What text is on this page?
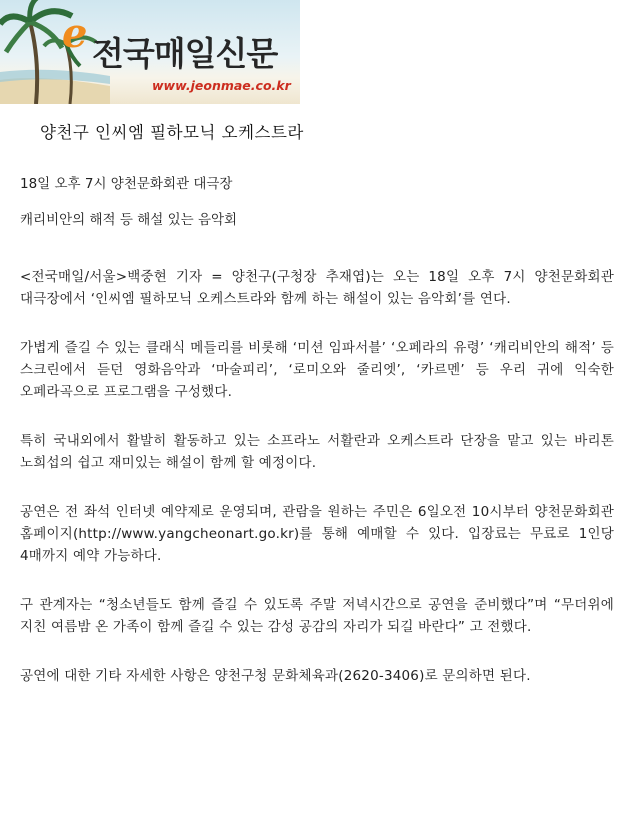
e 전국매일신문
www.jeonmae.co.kr
양천구 인씨엠 필하모닉 오케스트라

18일 오후 7시 양천문화회관 대극장

캐리비안의 해적 등 해설 있는 음악회

<전국매일/서울>백중현 기자 = 양천구(구청장 추재엽)는 오는 18일 오후 7시 양천문화회관 대극장에서 ‘인씨엠 필하모닉 오케스트라와 함께 하는 해설이 있는 음악회’를 연다.

가볍게 즐길 수 있는 클래식 메들리를 비롯해 ‘미션 임파서블’ ‘오페라의 유령’ ‘캐리비안의 해적’ 등 스크린에서 듣던 영화음악과 ‘마술피리’, ‘로미오와 줄리엣’, ‘카르멘’ 등 우리 귀에 익숙한 오페라곡으로 프로그램을 구성했다.

특히 국내외에서 활발히 활동하고 있는 소프라노 서활란과 오케스트라 단장을 맡고 있는 바리톤 노희섭의 쉽고 재미있는 해설이 함께 할 예정이다.

공연은 전 좌석 인터넷 예약제로 운영되며, 관람을 원하는 주민은 6일오전 10시부터 양천문화회관 홈페이지(http://www.yangcheonart.go.kr)를 통해 예매할 수 있다. 입장료는 무료로 1인당 4매까지 예약 가능하다.

구 관계자는 “청소년들도 함께 즐길 수 있도록 주말 저녁시간으로 공연을 준비했다”며 “무더위에 지친 여름밤 온 가족이 함께 즐길 수 있는 감성 공감의 자리가 되길 바란다” 고 전했다.

공연에 대한 기타 자세한 사항은 양천구청 문화체육과(2620-3406)로 문의하면 된다.
